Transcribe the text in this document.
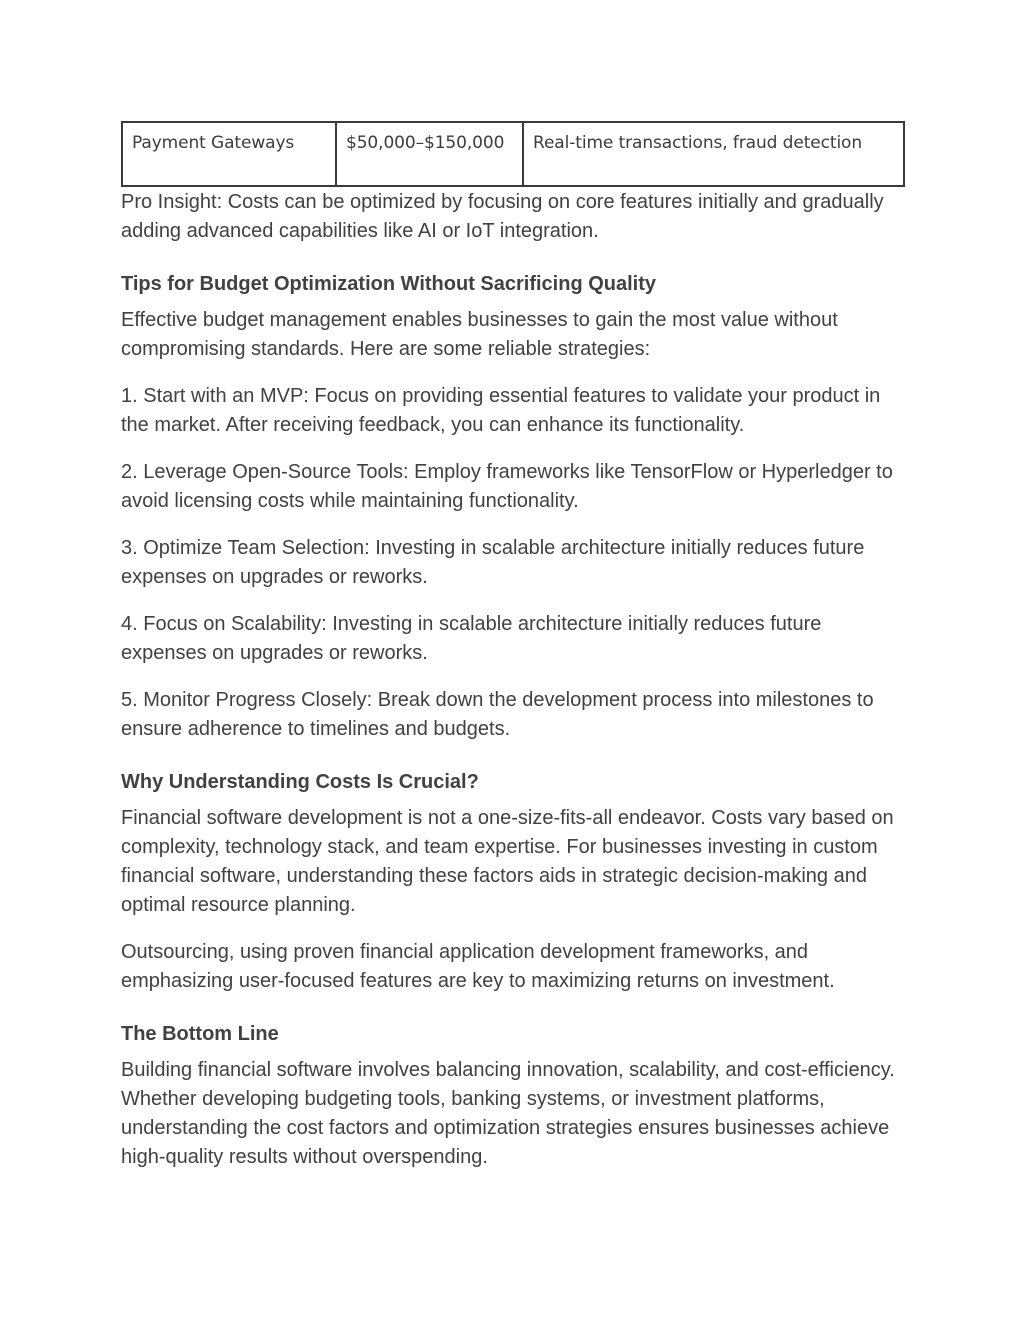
Payment Gateways	$50,000–$150,000	Real-time transactions, fraud detection

Pro Insight: Costs can be optimized by focusing on core features initially and gradually adding advanced capabilities like AI or IoT integration.

Tips for Budget Optimization Without Sacrificing Quality

Effective budget management enables businesses to gain the most value without compromising standards. Here are some reliable strategies:

1. Start with an MVP: Focus on providing essential features to validate your product in the market. After receiving feedback, you can enhance its functionality.

2. Leverage Open-Source Tools: Employ frameworks like TensorFlow or Hyperledger to avoid licensing costs while maintaining functionality.

3. Optimize Team Selection: Investing in scalable architecture initially reduces future expenses on upgrades or reworks.

4. Focus on Scalability: Investing in scalable architecture initially reduces future expenses on upgrades or reworks.

5. Monitor Progress Closely: Break down the development process into milestones to ensure adherence to timelines and budgets.

Why Understanding Costs Is Crucial?

Financial software development is not a one-size-fits-all endeavor. Costs vary based on complexity, technology stack, and team expertise. For businesses investing in custom financial software, understanding these factors aids in strategic decision-making and optimal resource planning.

Outsourcing, using proven financial application development frameworks, and emphasizing user-focused features are key to maximizing returns on investment.

The Bottom Line

Building financial software involves balancing innovation, scalability, and cost-efficiency. Whether developing budgeting tools, banking systems, or investment platforms, understanding the cost factors and optimization strategies ensures businesses achieve high-quality results without overspending.
